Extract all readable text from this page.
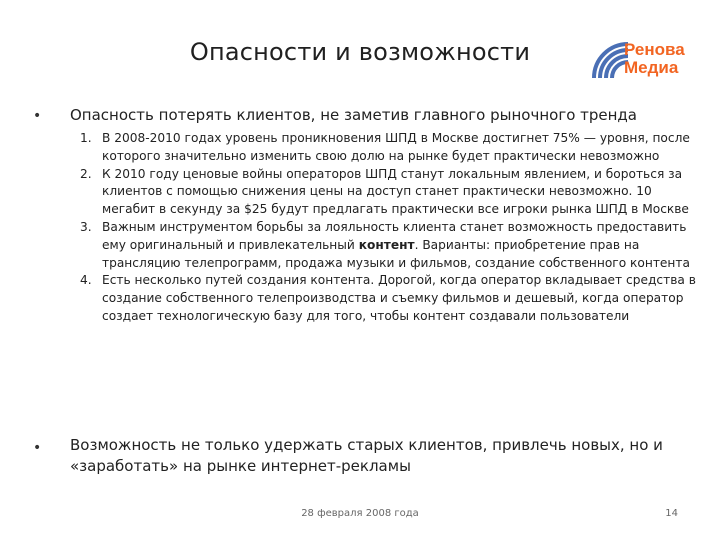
Опасности и возможности	Ренова
Медиа
• Опасность потерять клиентов, не заметив главного рыночного тренда
1. В 2008-2010 годах уровень проникновения ШПД в Москве достигнет 75% — уровня, после которого значительно изменить свою долю на рынке будет практически невозможно
2. К 2010 году ценовые войны операторов ШПД станут локальным явлением, и бороться за клиентов с помощью снижения цены на доступ станет практически невозможно. 10 мегабит в секунду за $25 будут предлагать практически все игроки рынка ШПД в Москве
3. Важным инструментом борьбы за лояльность клиента станет возможность предоставить ему оригинальный и привлекательный контент. Варианты: приобретение прав на трансляцию телепрограмм, продажа музыки и фильмов, создание собственного контента
4. Есть несколько путей создания контента. Дорогой, когда оператор вкладывает средства в создание собственного телепроизводства и съемку фильмов и дешевый, когда оператор создает технологическую базу для того, чтобы контент создавали пользователи
• Возможность не только удержать старых клиентов, привлечь новых, но и «заработать» на рынке интернет-рекламы
28 февраля 2008 года	14
